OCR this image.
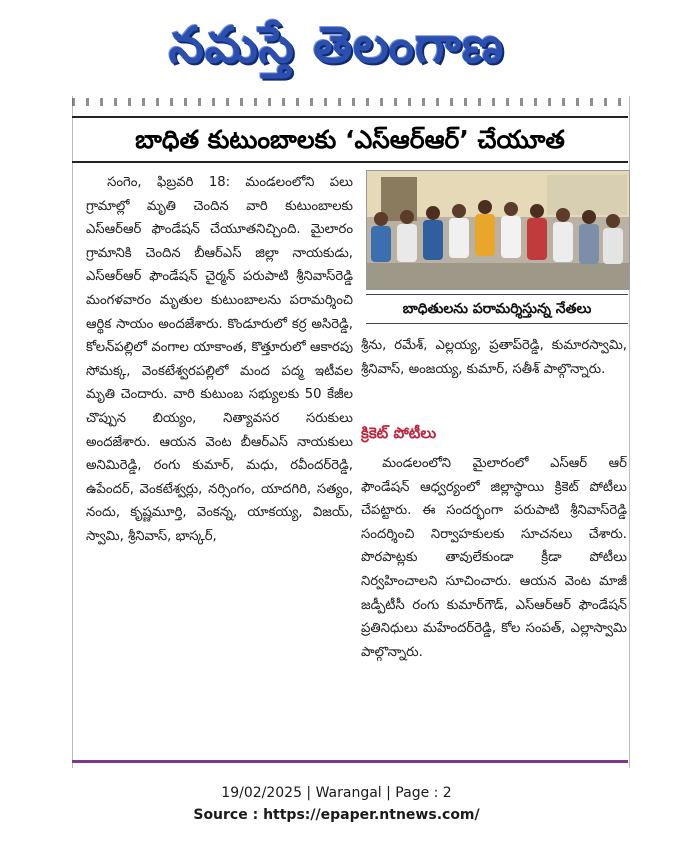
నమస్తే తెలంగాణ
బాధిత కుటుంబాలకు ‘ఎస్‌ఆర్‌ఆర్’ చేయూత

సంగెం, ఫిబ్రవరి 18: మండలంలోని పలు గ్రామాల్లో మృతి చెందిన వారి కుటుంబాలకు ఎస్‌ఆర్‌ఆర్ ఫౌండేషన్ చేయూతనిచ్చింది. మైలారం గ్రామానికి చెందిన బీఆర్‌ఎస్ జిల్లా నాయకుడు, ఎస్‌ఆర్‌ఆర్ ఫౌండేషన్ చైర్మన్ పరుపాటి శ్రీనివాస్‌రెడ్డి మంగళవారం మృతుల కుటుంబాలను పరామర్శించి ఆర్థిక సాయం అందజేశారు. కొండూరులో కర్ర అసిరెడ్డి, కోలన్‌పల్లిలో వంగాల యాకాంత, కొత్తూరులో ఆకారపు సోమక్క, వెంకటేశ్వరపల్లిలో మంద పద్మ ఇటీవల మృతి చెందారు. వారి కుటుంబ సభ్యులకు 50 కేజీల చొప్పున బియ్యం, నిత్యావసర సరుకులు అందజేశారు. ఆయన వెంట బీఆర్‌ఎస్ నాయకులు అనిమిరెడ్డి, రంగు కుమార్, మధు, రవీందర్‌రెడ్డి, ఉపేందర్, వెంకటేశ్వర్లు, నర్సింగం, యాదగిరి, సత్యం, నందు, కృష్ణమూర్తి, వెంకన్న, యాకయ్య, విజయ్, స్వామి, శ్రీనివాస్, భాస్కర్,

బాధితులను పరామర్శిస్తున్న నేతలు

శ్రీను, రమేశ్, ఎల్లయ్య, ప్రతాప్‌రెడ్డి, కుమారస్వామి, శ్రీనివాస్, అంజయ్య, కుమార్, సతీశ్ పాల్గొన్నారు.

క్రికెట్ పోటీలు

మండలంలోని మైలారంలో ఎస్‌ఆర్ ఆర్ ఫౌండేషన్ ఆధ్వర్యంలో జిల్లాస్థాయి క్రికెట్ పోటీలు చేపట్టారు. ఈ సందర్భంగా పరుపాటి శ్రీనివాస్‌రెడ్డి సందర్శించి నిర్వాహకులకు సూచనలు చేశారు. పొరపాట్లకు తావులేకుండా క్రీడా పోటీలు నిర్వహించాలని సూచించారు. ఆయన వెంట మాజీ జడ్పీటీసీ రంగు కుమార్‌గౌడ్, ఎస్‌ఆర్‌ఆర్ ఫౌండేషన్ ప్రతినిధులు మహేందర్‌రెడ్డి, కోల సంపత్, ఎల్లాస్వామి పాల్గొన్నారు.

19/02/2025 | Warangal | Page : 2
Source : https://epaper.ntnews.com/
